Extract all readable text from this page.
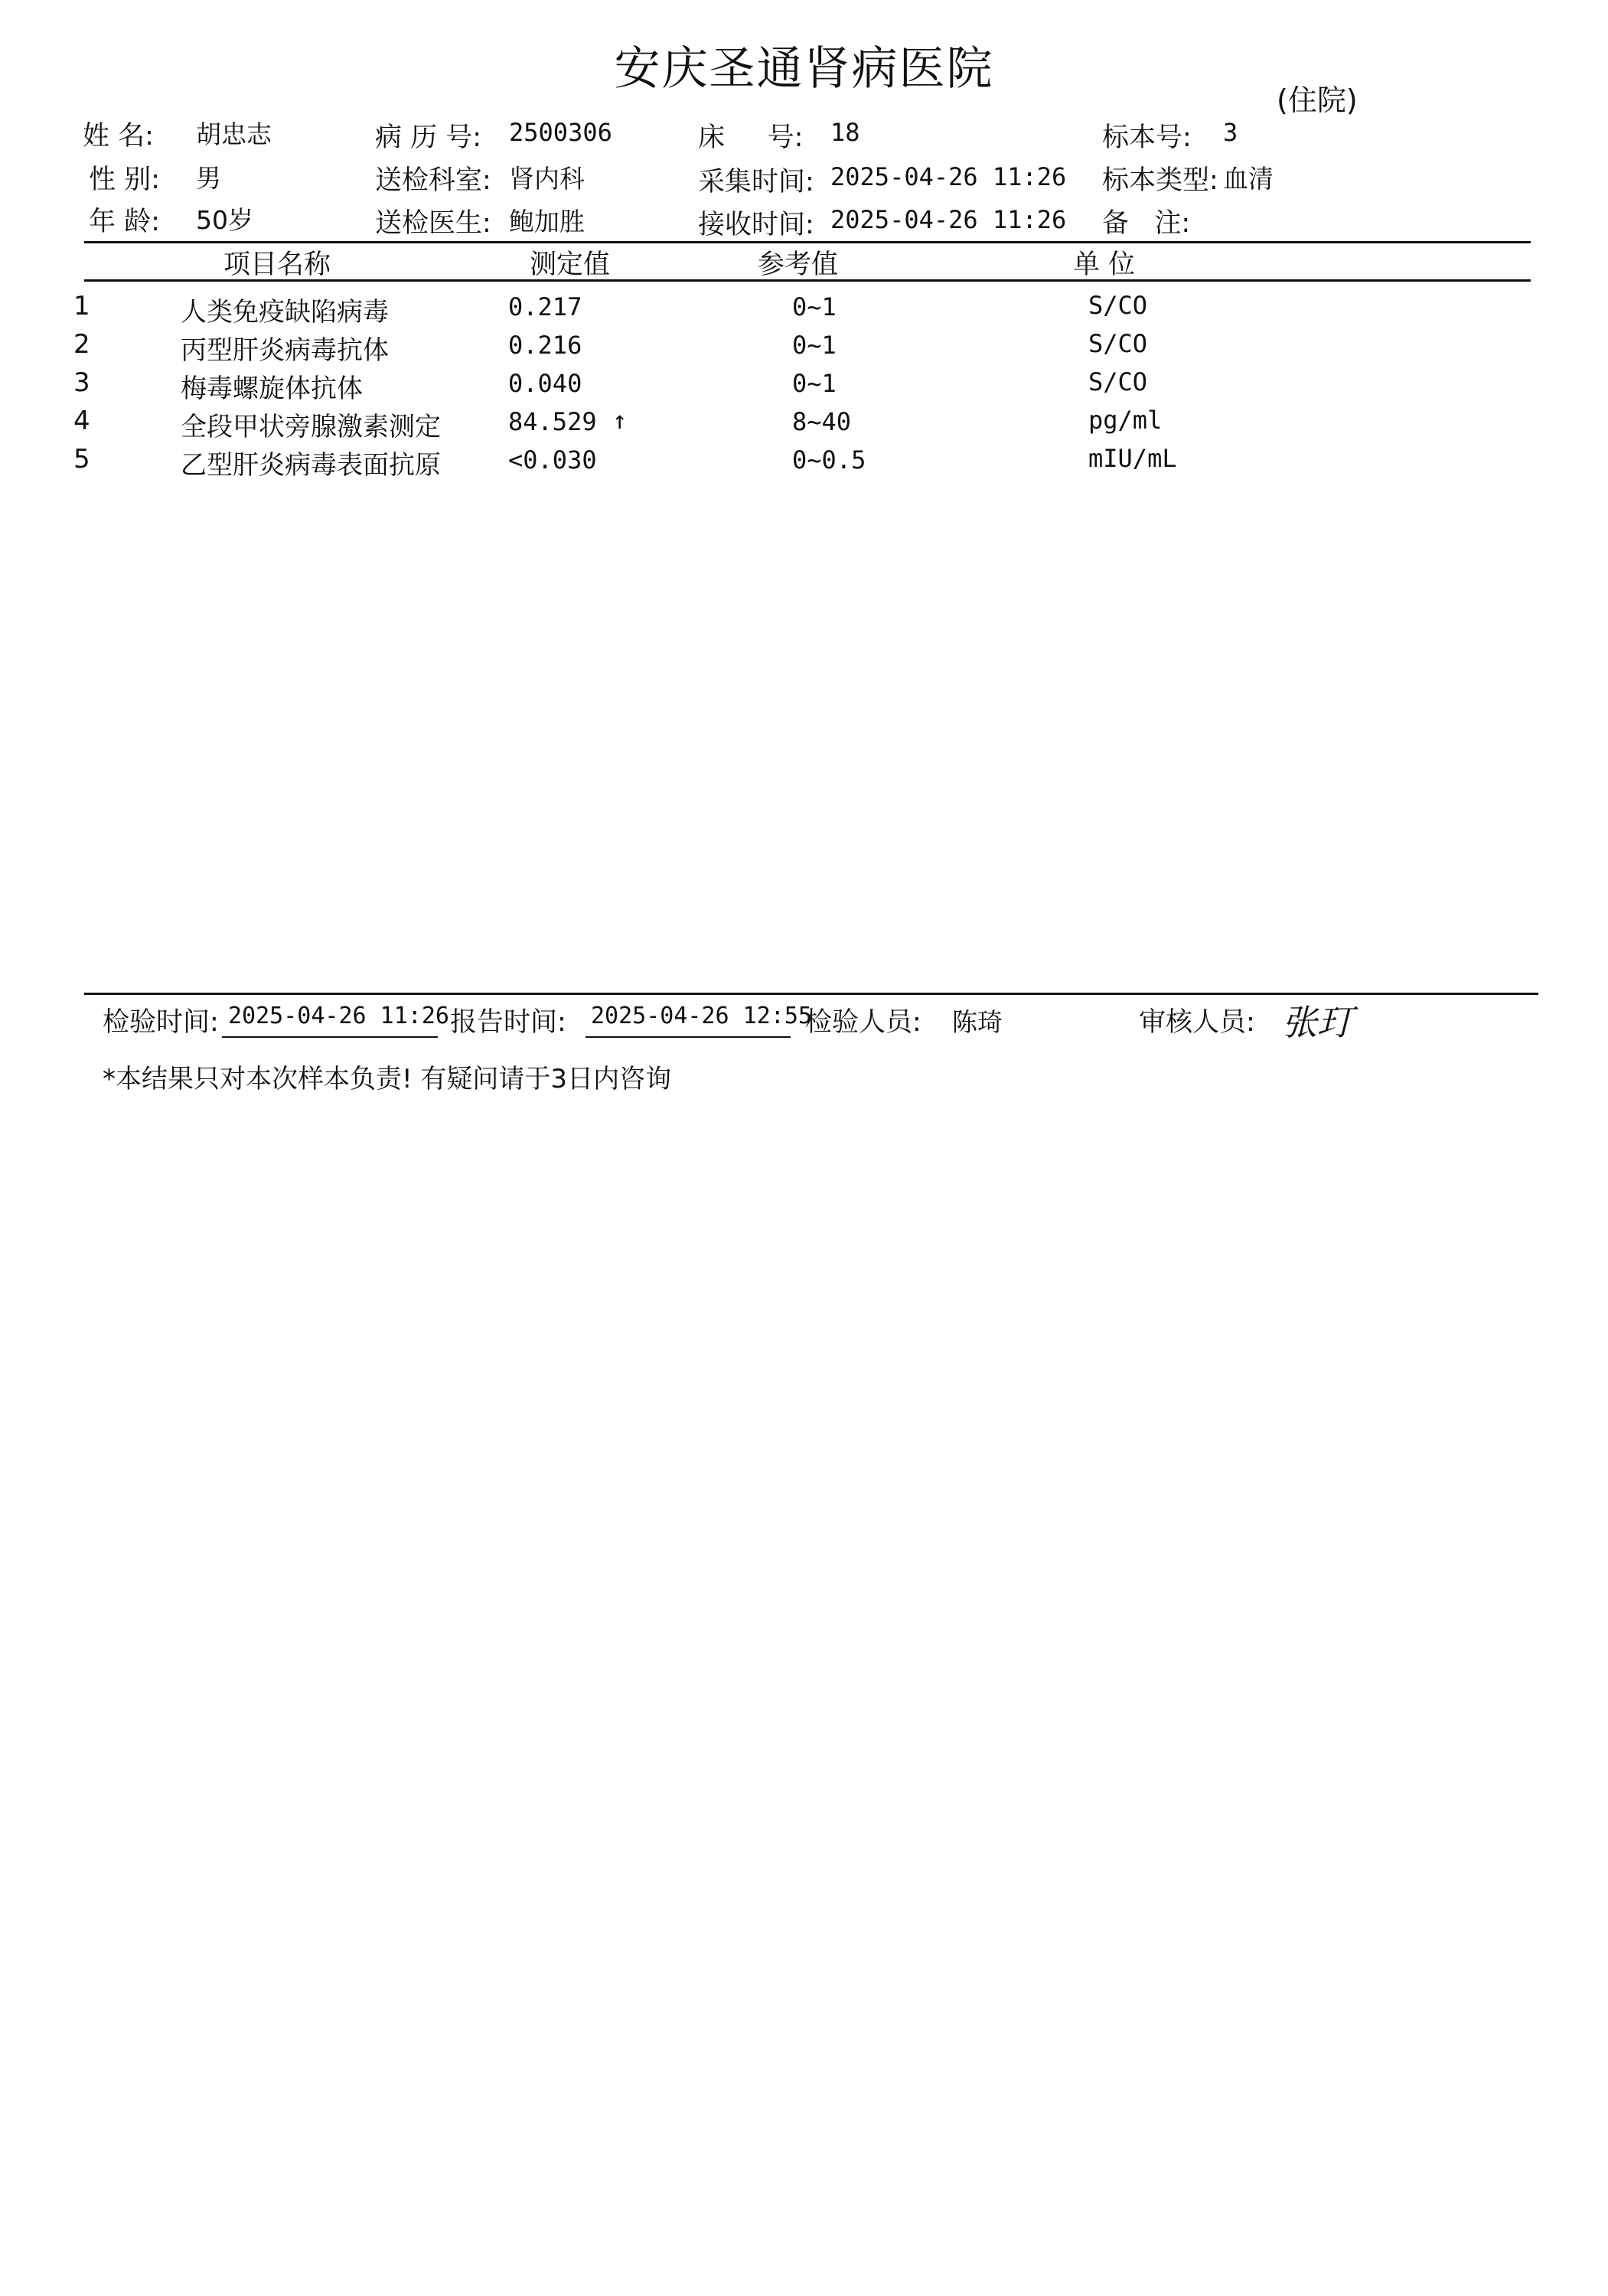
安庆圣通肾病医院
(住院)
姓 名: 胡忠志
性 别: 男
年 龄: 50岁
病 历 号: 2500306
送检科室: 肾内科
送检医生: 鲍加胜
床     号: 18
采集时间: 2025-04-26 11:26
接收时间: 2025-04-26 11:26
标本号: 3
标本类型: 血清
备   注:
项目名称	测定值	参考值	单 位
1	人类免疫缺陷病毒	0.217	0~1	S/CO
2	丙型肝炎病毒抗体	0.216	0~1	S/CO
3	梅毒螺旋体抗体	0.040	0~1	S/CO
4	全段甲状旁腺激素测定	84.529 ↑	8~40	pg/ml
5	乙型肝炎病毒表面抗原	<0.030	0~0.5	mIU/mL
检验时间: 2025-04-26 11:26 报告时间: 2025-04-26 12:55
检验人员: 陈琦	审核人员: 张玎
*本结果只对本次样本负责! 有疑问请于3日内咨询
